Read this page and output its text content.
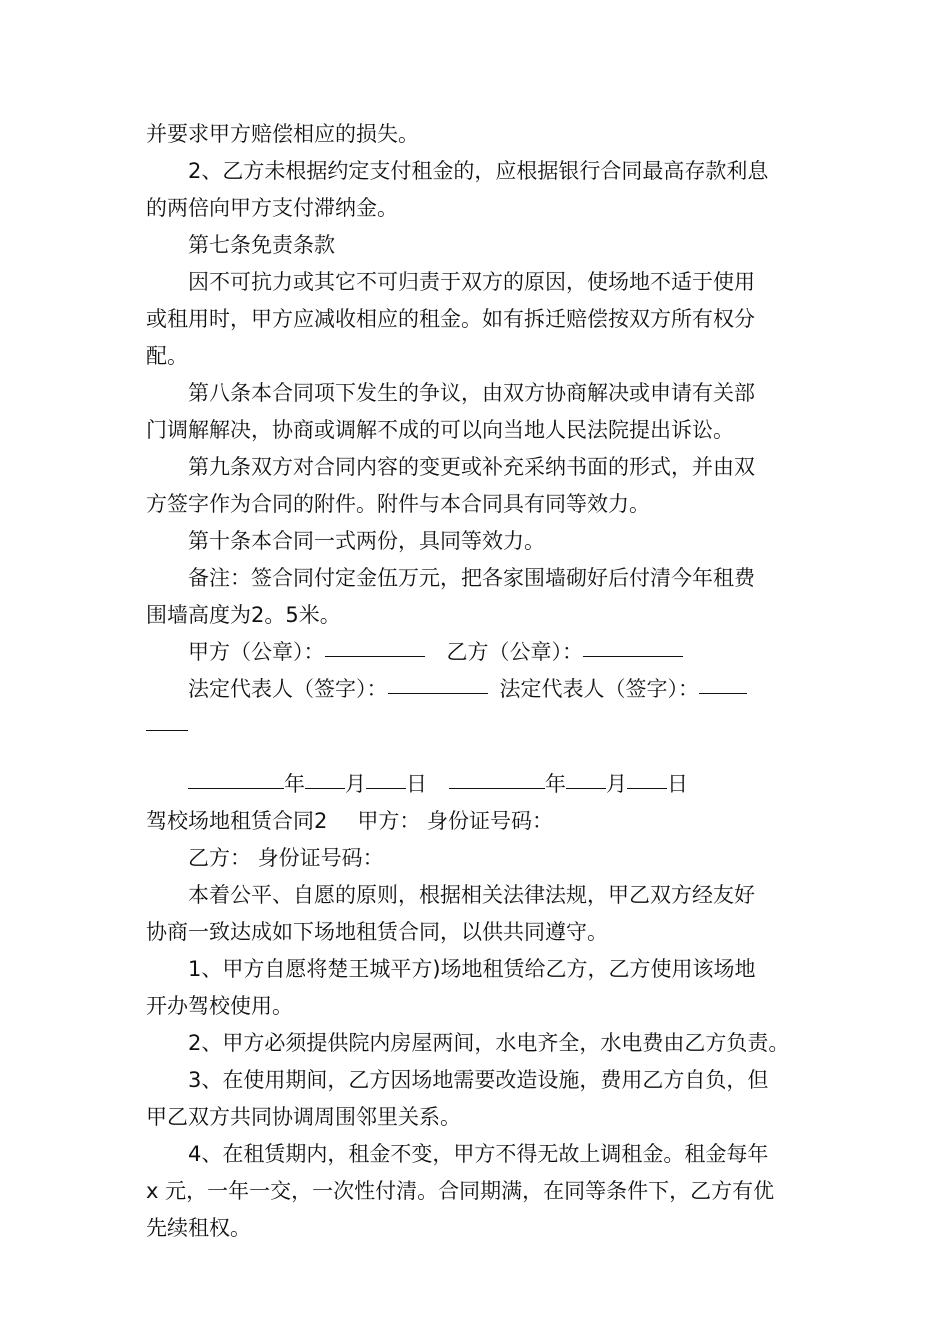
并要求甲方赔偿相应的损失。

2、乙方未根据约定支付租金的，应根据银行合同最高存款利息
的两倍向甲方支付滞纳金。

第七条免责条款

因不可抗力或其它不可归责于双方的原因，使场地不适于使用
或租用时，甲方应减收相应的租金。如有拆迁赔偿按双方所有权分
配。

第八条本合同项下发生的争议，由双方协商解决或申请有关部
门调解解决，协商或调解不成的可以向当地人民法院提出诉讼。

第九条双方对合同内容的变更或补充采纳书面的形式，并由双
方签字作为合同的附件。附件与本合同具有同等效力。

第十条本合同一式两份，具同等效力。

备注：签合同付定金伍万元，把各家围墙砌好后付清今年租费
围墙高度为2。5米。

甲方（公章）：	乙方（公章）：

法定代表人（签字）：	法定代表人（签字）：

年 月 日	年 月 日

驾校场地租赁合同2 甲方： 身份证号码：

乙方： 身份证号码：

本着公平、自愿的原则，根据相关法律法规，甲乙双方经友好
协商一致达成如下场地租赁合同，以供共同遵守。

1、甲方自愿将楚王城平方)场地租赁给乙方，乙方使用该场地
开办驾校使用。

2、甲方必须提供院内房屋两间，水电齐全，水电费由乙方负责。

3、在使用期间，乙方因场地需要改造设施，费用乙方自负，但
甲乙双方共同协调周围邻里关系。

4、在租赁期内，租金不变，甲方不得无故上调租金。租金每年
x 元，一年一交，一次性付清。合同期满，在同等条件下，乙方有优
先续租权。
